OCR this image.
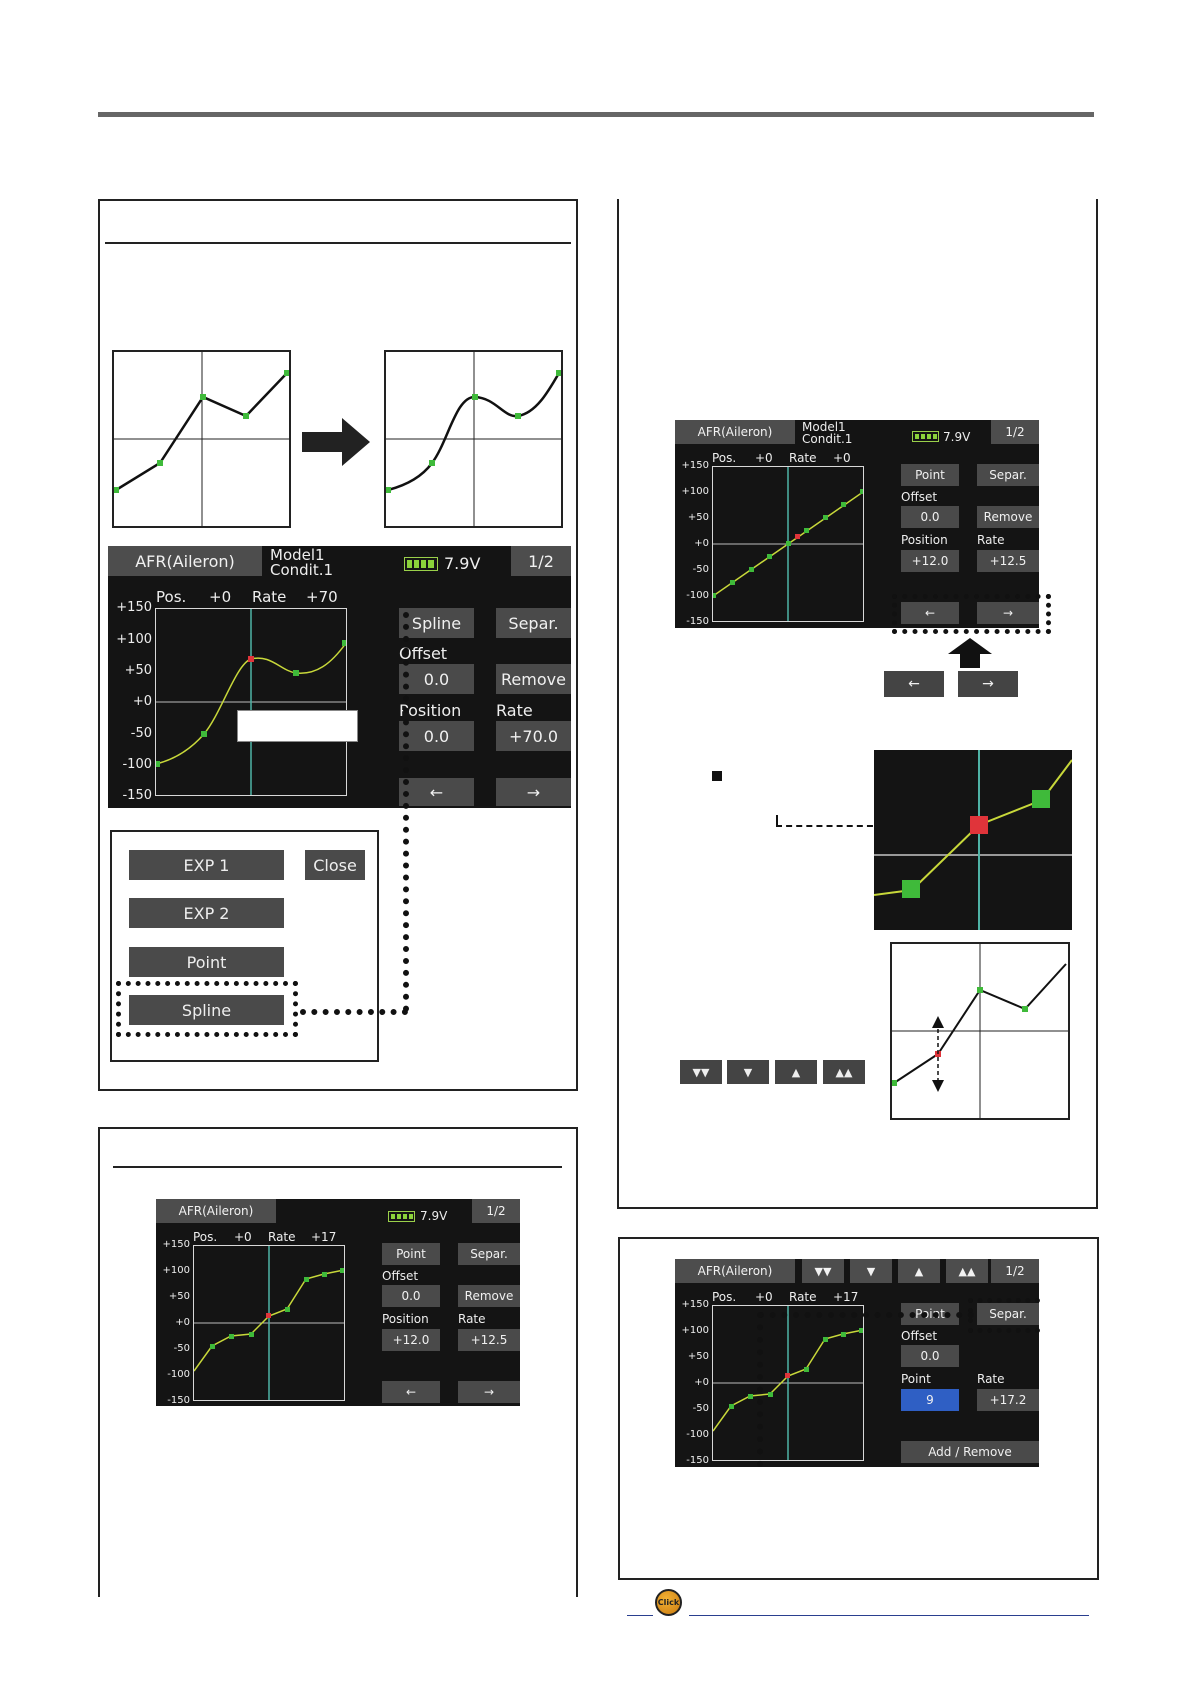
AFR(Aileron)	Model1
Condit.1	7.9V	1/2
Pos. +0 Rate +70
Spline	Separ.
Offset
0.0	Remove
Position Rate
0.0	+70.0
←	→
+150
+100
+50
+0
-50
-100
-150
EXP 1	Close
EXP 2
Point
Spline
AFR(Aileron)	7.9V	1/2
Pos. +0 Rate +17
Point	Separ.
Offset
0.0	Remove
Position Rate
+12.0	+12.5
←	→
+150
+100
+50
+0
-50
-100
-150
AFR(Aileron)	Model1
Condit.1	7.9V	1/2
Pos. +0 Rate +0
Point	Separ.
Offset
0.0	Remove
Position Rate
+12.0	+12.5
←	→
+150
+100
+50
+0
-50
-100
-150
←	→
▼▼	▼	▲	▲▲
AFR(Aileron)	▼▼	▼	▲	▲▲	1/2
Pos. +0 Rate +17
Point	Separ.
Offset
0.0
Point	Rate
9	+17.2
Add / Remove
+150
+100
+50
+0
-50
-100
-150
Click
